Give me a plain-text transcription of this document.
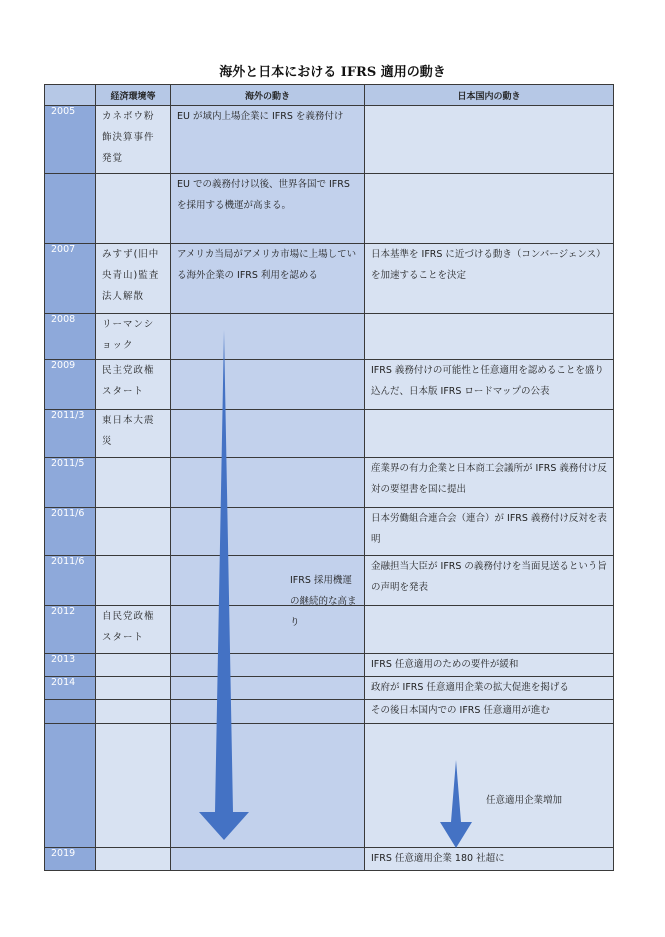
海外と日本における IFRS 適用の動き
	経済環境等	海外の動き	日本国内の動き
2005	カネボウ粉飾決算事件発覚	EU が域内上場企業に IFRS を義務付け	
		EU での義務付け以後、世界各国で IFRS を採用する機運が高まる。	
2007	みすず(旧中央青山)監査法人解散	アメリカ当局がアメリカ市場に上場している海外企業の IFRS 利用を認める	日本基準を IFRS に近づける動き（コンバージェンス）を加速することを決定
2008	リーマンショック		
2009	民主党政権スタート		IFRS 義務付けの可能性と任意適用を認めることを盛り込んだ、日本版 IFRS ロードマップの公表
2011/3	東日本大震災		
2011/5			産業界の有力企業と日本商工会議所が IFRS 義務付け反対の要望書を国に提出
2011/6			日本労働組合連合会（連合）が IFRS 義務付け反対を表明
2011/6			金融担当大臣が IFRS の義務付けを当面見送るという旨の声明を発表
2012	自民党政権スタート		
2013			IFRS 任意適用のための要件が緩和
2014			政府が IFRS 任意適用企業の拡大促進を掲げる
			その後日本国内での IFRS 任意適用が進む

2019			IFRS 任意適用企業 180 社超に
IFRS 採用機運の継続的な高まり
任意適用企業増加
